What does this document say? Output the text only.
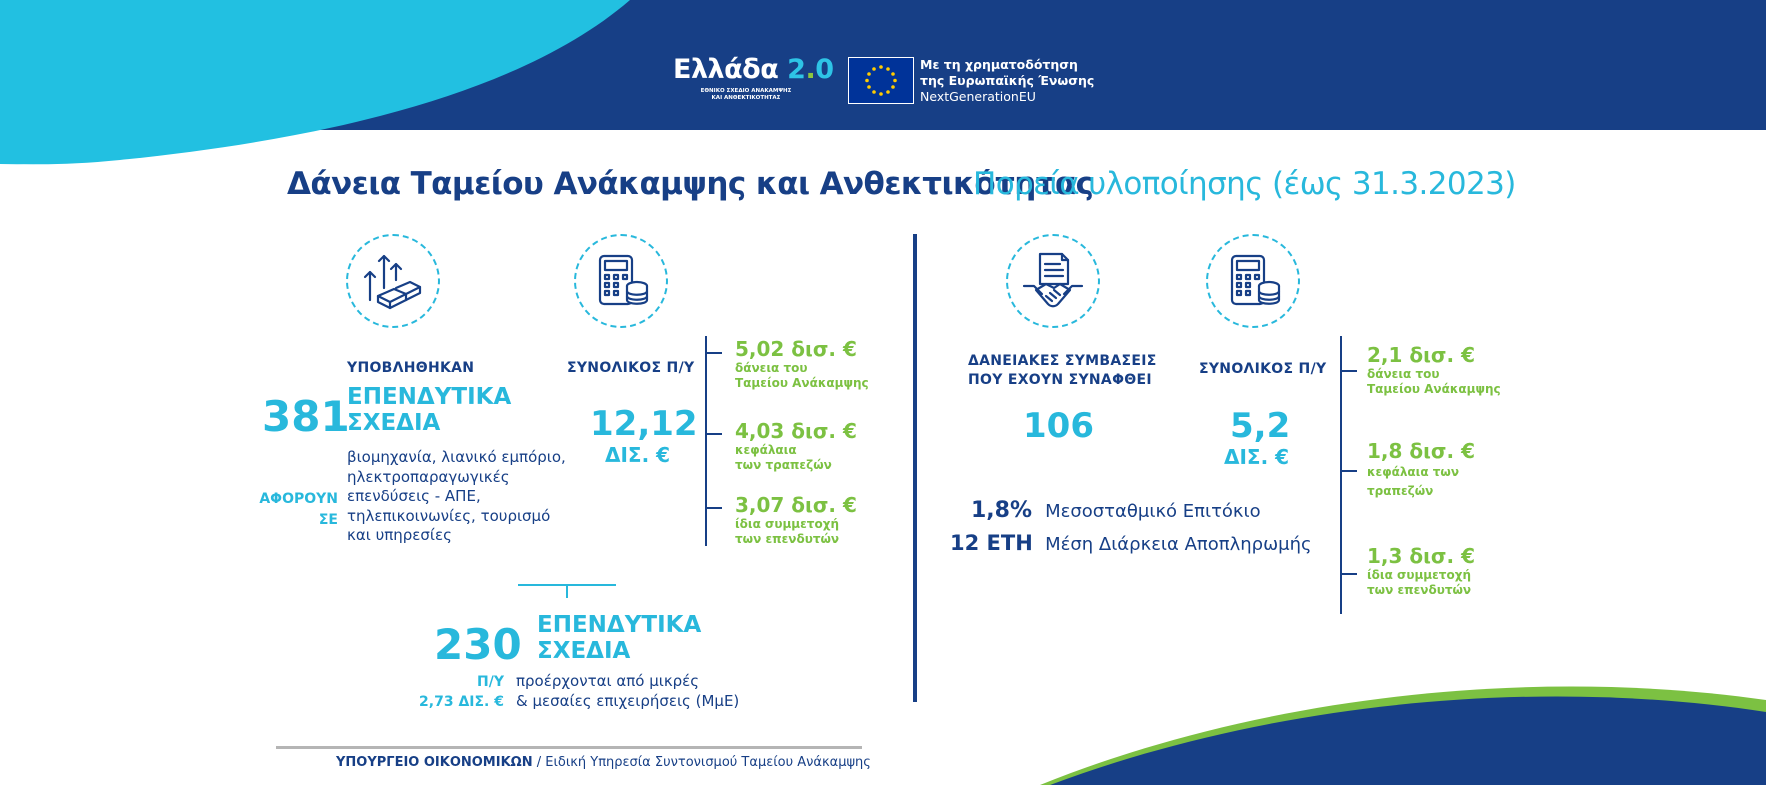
Ελλάδα 2.0
ΕΘΝΙΚΟ ΣΧΕΔΙΟ ΑΝΑΚΑΜΨΗΣ
ΚΑΙ ΑΝΘΕΚΤΙΚΟΤΗΤΑΣ
Με τη χρηματοδότηση
της Ευρωπαϊκής Ένωσης
NextGenerationEU
Δάνεια Ταμείου Ανάκαμψης και Ανθεκτικότητας
Πορεία υλοποίησης (έως 31.3.2023)
ΥΠΟΒΛΗΘΗΚΑΝ
381
ΕΠΕΝΔΥΤΙΚΑ
ΣΧΕΔΙΑ
ΑΦΟΡΟΥΝ
ΣΕ
βιομηχανία, λιανικό εμπόριο,
ηλεκτροπαραγωγικές
επενδύσεις - ΑΠΕ,
τηλεπικοινωνίες, τουρισμό
και υπηρεσίες
ΣΥΝΟΛΙΚΟΣ Π/Υ
12,12
ΔΙΣ. €
5,02 δισ. €
δάνεια του
Ταμείου Ανάκαμψης
4,03 δισ. €
κεφάλαια
των τραπεζών
3,07 δισ. €
ίδια συμμετοχή
των επενδυτών
230 ΕΠΕΝΔΥΤΙΚΑ
ΣΧΕΔΙΑ
Π/Υ
2,73 ΔΙΣ. €
προέρχονται από μικρές
& μεσαίες επιχειρήσεις (ΜμΕ)
ΔΑΝΕΙΑΚΕΣ ΣΥΜΒΑΣΕΙΣ
ΠΟΥ ΕΧΟΥΝ ΣΥΝΑΦΘΕΙ
106
ΣΥΝΟΛΙΚΟΣ Π/Υ
5,2
ΔΙΣ. €
1,8% Μεσοσταθμικό Επιτόκιο
12 ΕΤΗ Μέση Διάρκεια Αποπληρωμής
2,1 δισ. €
δάνεια του
Ταμείου Ανάκαμψης
1,8 δισ. €
κεφάλαια των
τραπεζών
1,3 δισ. €
ίδια συμμετοχή
των επενδυτών
ΥΠΟΥΡΓΕΙΟ ΟΙΚΟΝΟΜΙΚΩΝ / Ειδική Υπηρεσία Συντονισμού Ταμείου Ανάκαμψης
